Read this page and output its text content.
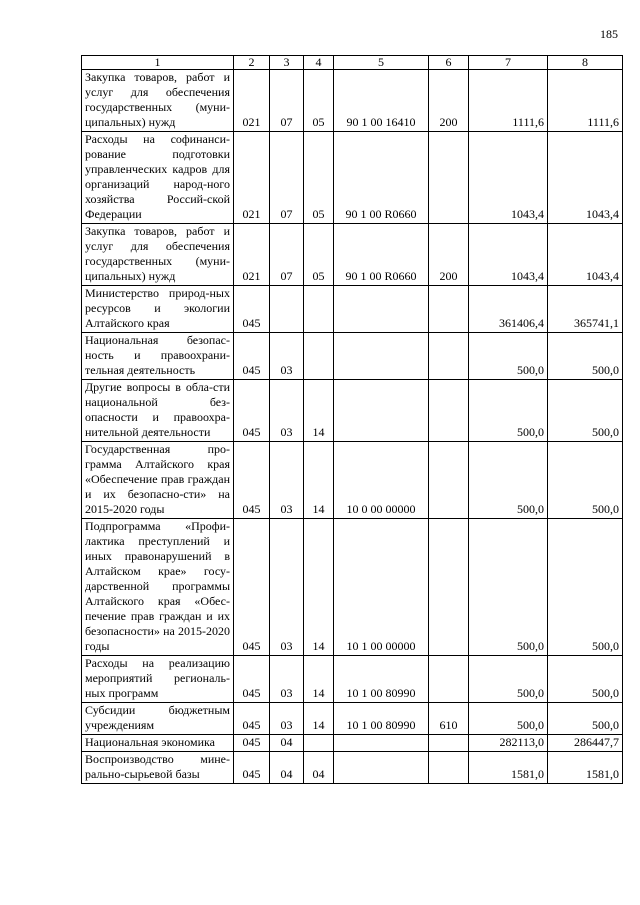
185
1	2	3	4	5	6	7	8
Закупка товаров, работ и услуг для обеспечения государственных (муни-ципальных) нужд	021	07	05	90 1 00 16410	200	1111,6	1111,6
Расходы на софинанси-рование подготовки управленческих кадров для организаций народ-ного хозяйства Россий-ской Федерации	021	07	05	90 1 00 R0660		1043,4	1043,4
Закупка товаров, работ и услуг для обеспечения государственных (муни-ципальных) нужд	021	07	05	90 1 00 R0660	200	1043,4	1043,4
Министерство природ-ных ресурсов и экологии Алтайского края	045					361406,4	365741,1
Национальная безопас-ность и правоохрани-тельная деятельность	045	03				500,0	500,0
Другие вопросы в обла-сти национальной без-опасности и правоохра-нительной деятельности	045	03	14			500,0	500,0
Государственная про-грамма Алтайского края «Обеспечение прав граждан и их безопасно-сти» на 2015-2020 годы	045	03	14	10 0 00 00000		500,0	500,0
Подпрограмма «Профи-лактика преступлений и иных правонарушений в Алтайском крае» госу-дарственной программы Алтайского края «Обес-печение прав граждан и их безопасности» на 2015-2020 годы	045	03	14	10 1 00 00000		500,0	500,0
Расходы на реализацию мероприятий региональ-ных программ	045	03	14	10 1 00 80990		500,0	500,0
Субсидии бюджетным учреждениям	045	03	14	10 1 00 80990	610	500,0	500,0
Национальная экономика	045	04				282113,0	286447,7
Воспроизводство мине-рально-сырьевой базы	045	04	04			1581,0	1581,0
